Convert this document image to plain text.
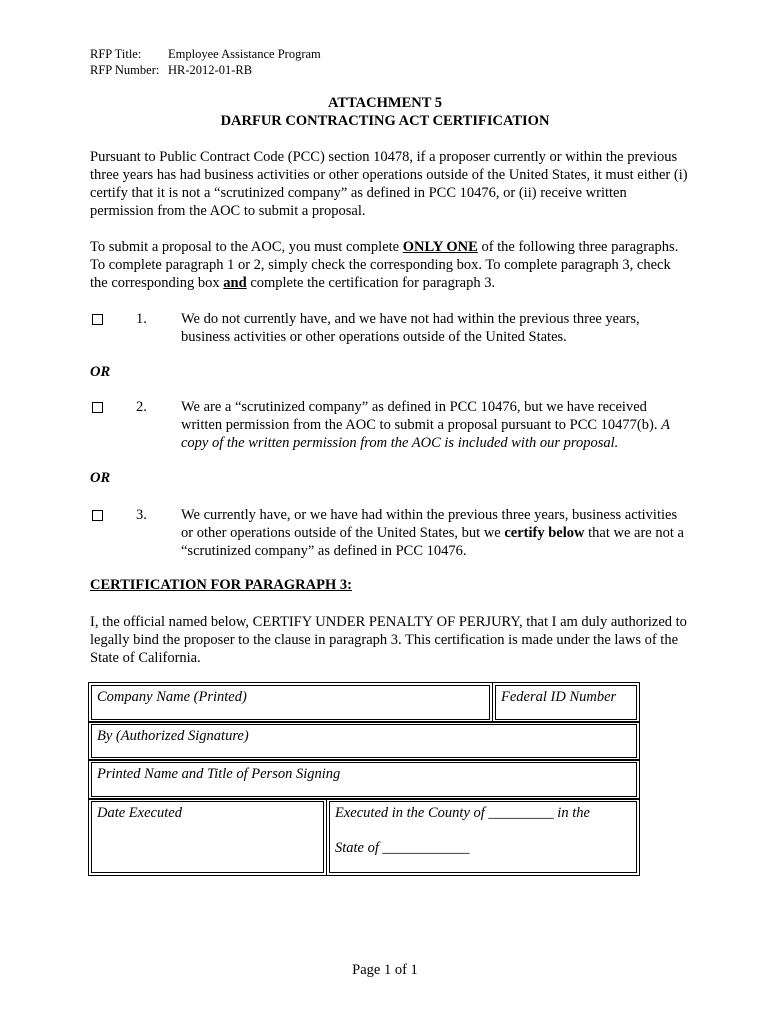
RFP Title: Employee Assistance Program
RFP Number: HR-2012-01-RB
ATTACHMENT 5
DARFUR CONTRACTING ACT CERTIFICATION

Pursuant to Public Contract Code (PCC) section 10478, if a proposer currently or within the previous three years has had business activities or other operations outside of the United States, it must either (i) certify that it is not a “scrutinized company” as defined in PCC 10476, or (ii) receive written permission from the AOC to submit a proposal.

To submit a proposal to the AOC, you must complete ONLY ONE of the following three paragraphs. To complete paragraph 1 or 2, simply check the corresponding box. To complete paragraph 3, check the corresponding box and complete the certification for paragraph 3.

1. We do not currently have, and we have not had within the previous three years, business activities or other operations outside of the United States.
OR
2. We are a “scrutinized company” as defined in PCC 10476, but we have received written permission from the AOC to submit a proposal pursuant to PCC 10477(b). A copy of the written permission from the AOC is included with our proposal.
OR
3. We currently have, or we have had within the previous three years, business activities or other operations outside of the United States, but we certify below that we are not a “scrutinized company” as defined in PCC 10476.
CERTIFICATION FOR PARAGRAPH 3:

I, the official named below, CERTIFY UNDER PENALTY OF PERJURY, that I am duly authorized to legally bind the proposer to the clause in paragraph 3. This certification is made under the laws of the State of California.

Company Name (Printed)	Federal ID Number
By (Authorized Signature)
Printed Name and Title of Person Signing
Date Executed	Executed in the County of _________ in the
State of ____________
Page 1 of 1
